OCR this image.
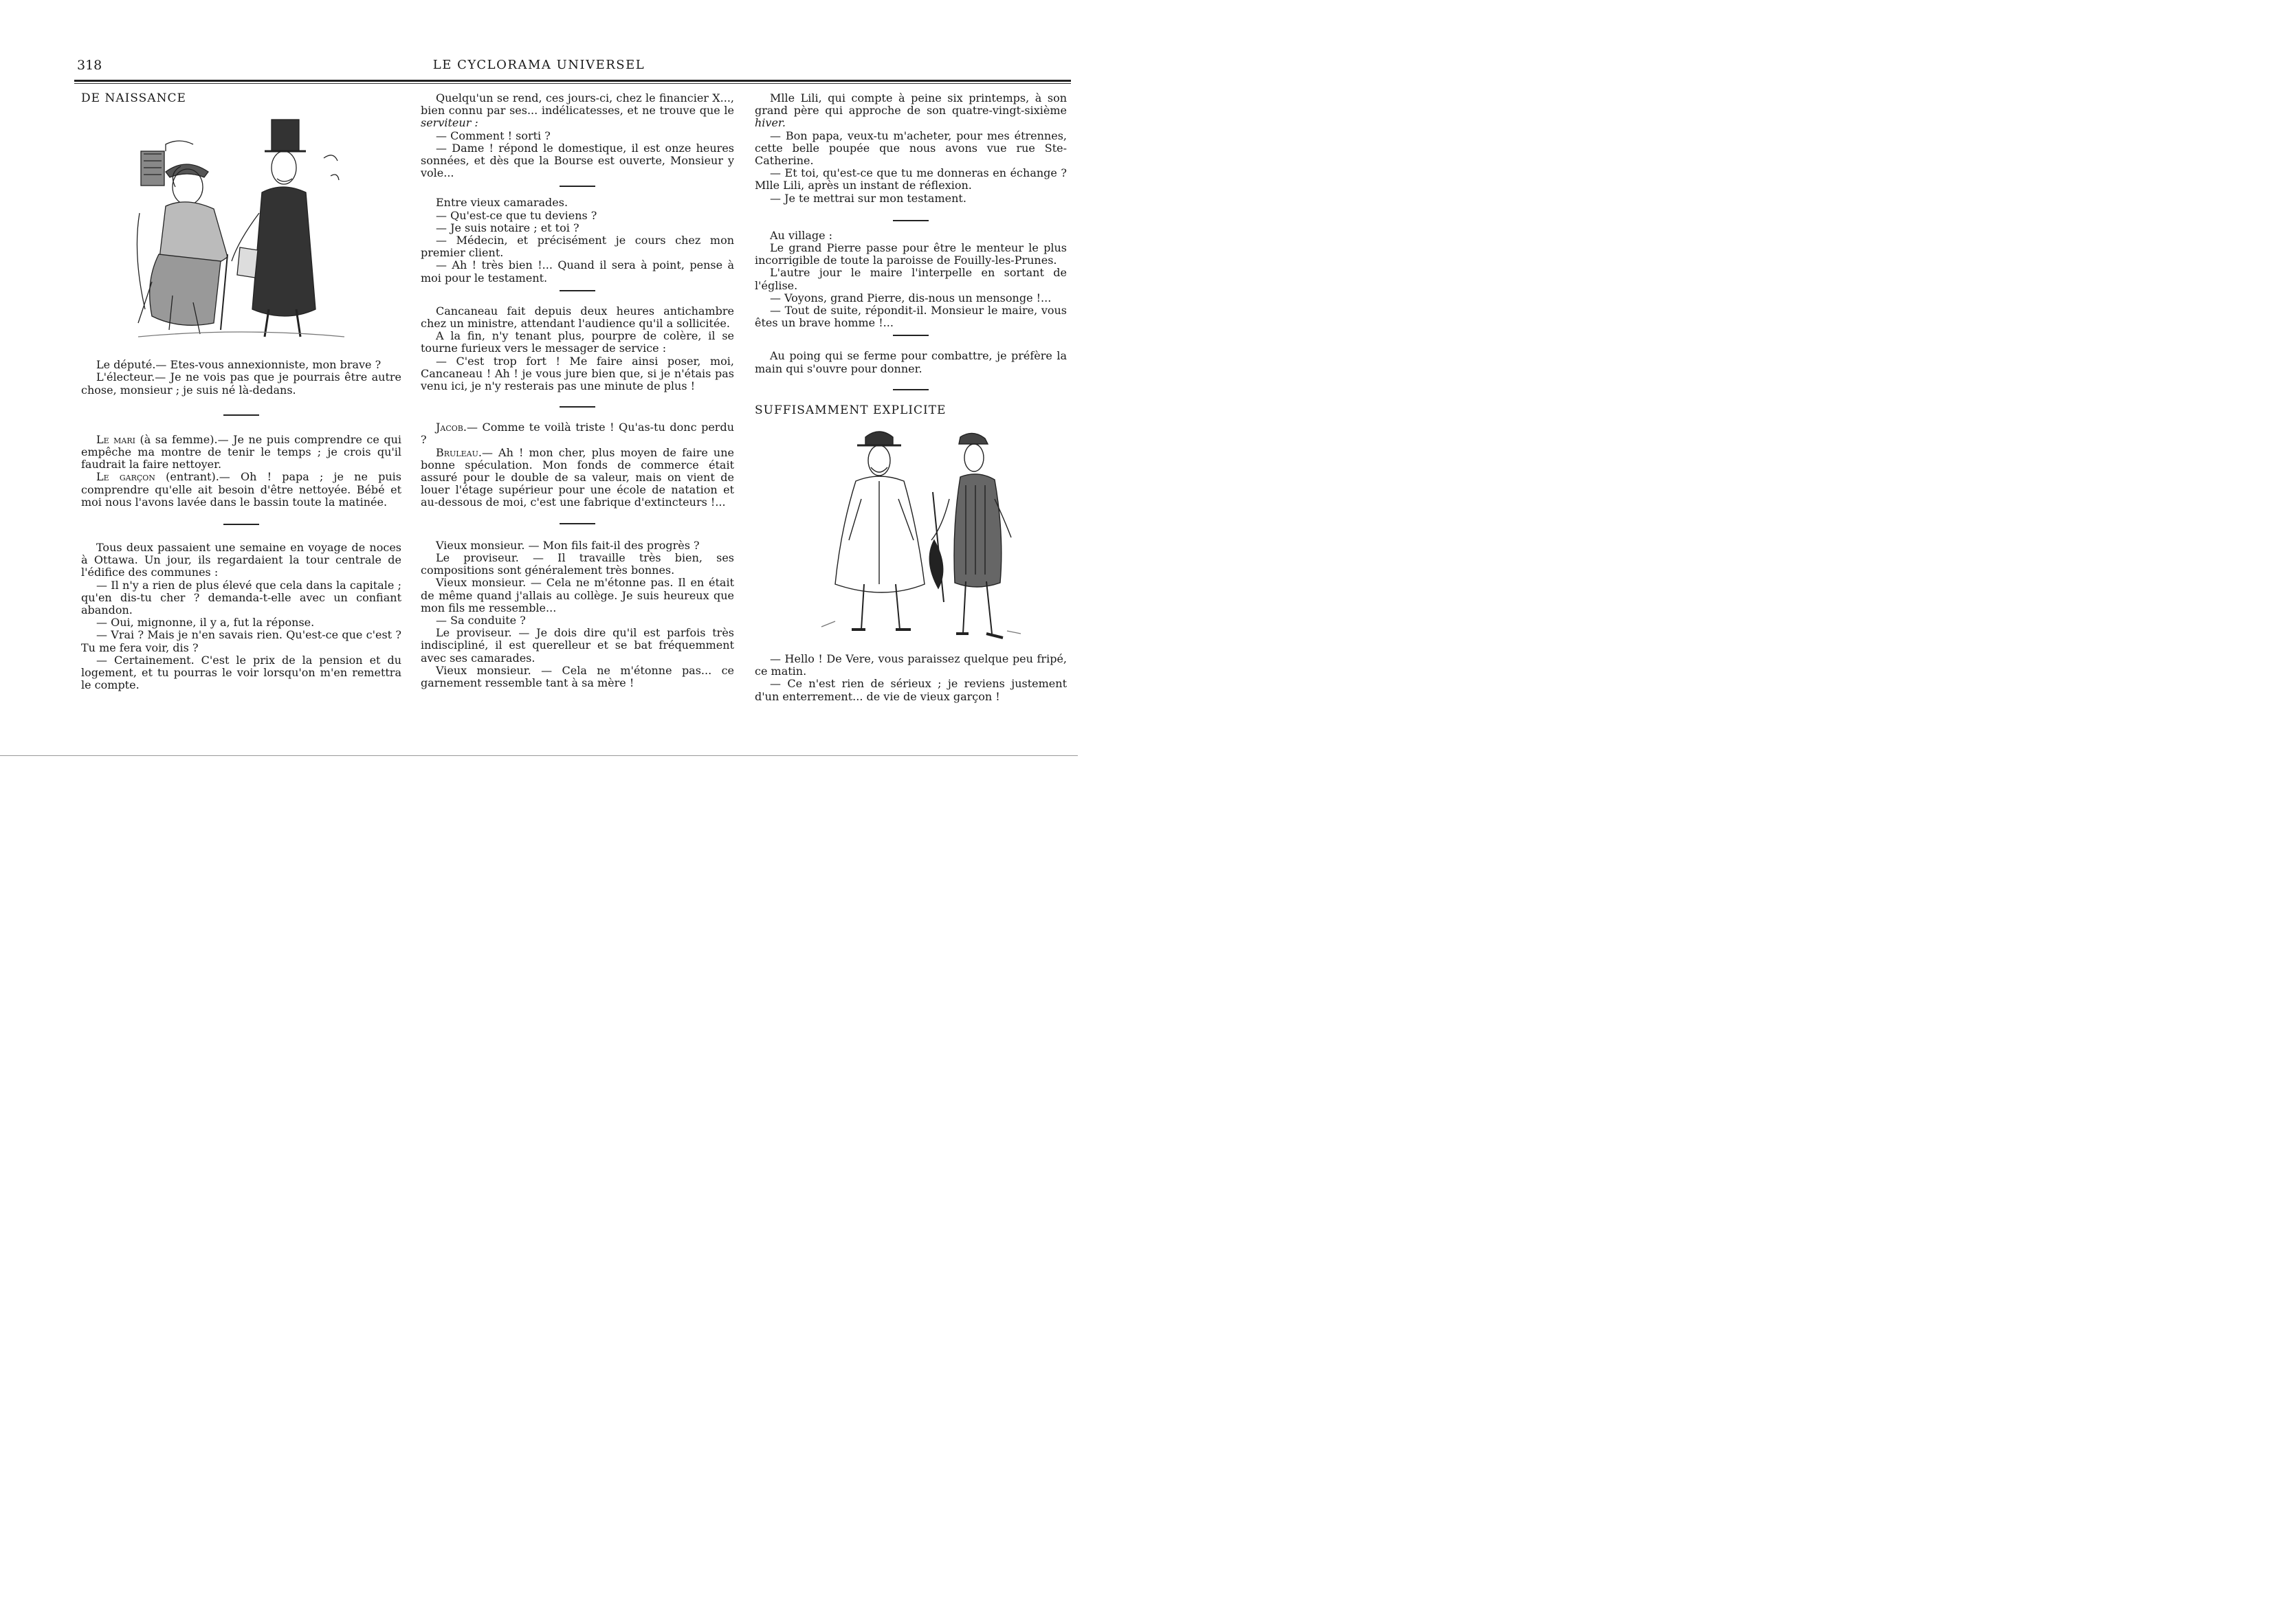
318	LE CYCLORAMA UNIVERSEL

DE NAISSANCE

Le député.— Etes-vous annexionniste, mon brave ?

L'électeur.— Je ne vois pas que je pourrais être autre chose, monsieur ; je suis né là-dedans.

Le mari (à sa femme).— Je ne puis comprendre ce qui empêche ma montre de tenir le temps ; je crois qu'il faudrait la faire nettoyer.

Le garçon (entrant).— Oh ! papa ; je ne puis comprendre qu'elle ait besoin d'être nettoyée. Bébé et moi nous l'avons lavée dans le bassin toute la matinée.

Tous deux passaient une semaine en voyage de noces à Ottawa. Un jour, ils regardaient la tour centrale de l'édifice des communes :

— Il n'y a rien de plus élevé que cela dans la capitale ; qu'en dis-tu cher ? demanda-t-elle avec un confiant abandon.

— Oui, mignonne, il y a, fut la réponse.

— Vrai ? Mais je n'en savais rien. Qu'est-ce que c'est ? Tu me fera voir, dis ?

— Certainement. C'est le prix de la pension et du logement, et tu pourras le voir lorsqu'on m'en remettra le compte.

Quelqu'un se rend, ces jours-ci, chez le financier X..., bien connu par ses... indélicatesses, et ne trouve que le serviteur :

— Comment ! sorti ?

— Dame ! répond le domestique, il est onze heures sonnées, et dès que la Bourse est ouverte, Monsieur y vole...

Entre vieux camarades.

— Qu'est-ce que tu deviens ?

— Je suis notaire ; et toi ?

— Médecin, et précisément je cours chez mon premier client.

— Ah ! très bien !... Quand il sera à point, pense à moi pour le testament.

Cancaneau fait depuis deux heures antichambre chez un ministre, attendant l'audience qu'il a sollicitée.

A la fin, n'y tenant plus, pourpre de colère, il se tourne furieux vers le messager de service :

— C'est trop fort ! Me faire ainsi poser, moi, Cancaneau ! Ah ! je vous jure bien que, si je n'étais pas venu ici, je n'y resterais pas une minute de plus !

Jacob.— Comme te voilà triste ! Qu'as-tu donc perdu ?

Bruleau.— Ah ! mon cher, plus moyen de faire une bonne spéculation. Mon fonds de commerce était assuré pour le double de sa valeur, mais on vient de louer l'étage supérieur pour une école de natation et au-dessous de moi, c'est une fabrique d'extincteurs !...

Vieux monsieur. — Mon fils fait-il des progrès ?

Le proviseur. — Il travaille très bien, ses compositions sont généralement très bonnes.

Vieux monsieur. — Cela ne m'étonne pas. Il en était de même quand j'allais au collège. Je suis heureux que mon fils me ressemble...

— Sa conduite ?

Le proviseur. — Je dois dire qu'il est parfois très indiscipliné, il est querelleur et se bat fréquemment avec ses camarades.

Vieux monsieur. — Cela ne m'étonne pas... ce garnement ressemble tant à sa mère !

Mlle Lili, qui compte à peine six printemps, à son grand père qui approche de son quatre-vingt-sixième hiver.

— Bon papa, veux-tu m'acheter, pour mes étrennes, cette belle poupée que nous avons vue rue Ste-Catherine.

— Et toi, qu'est-ce que tu me donneras en échange ? Mlle Lili, après un instant de réflexion.

— Je te mettrai sur mon testament.

Au village :

Le grand Pierre passe pour être le menteur le plus incorrigible de toute la paroisse de Fouilly-les-Prunes.

L'autre jour le maire l'interpelle en sortant de l'église.

— Voyons, grand Pierre, dis-nous un mensonge !...

— Tout de suite, répondit-il. Monsieur le maire, vous êtes un brave homme !...

Au poing qui se ferme pour combattre, je préfère la main qui s'ouvre pour donner.

SUFFISAMMENT EXPLICITE

— Hello ! De Vere, vous paraissez quelque peu fripé, ce matin.

— Ce n'est rien de sérieux ; je reviens justement d'un enterrement... de vie de vieux garçon !
